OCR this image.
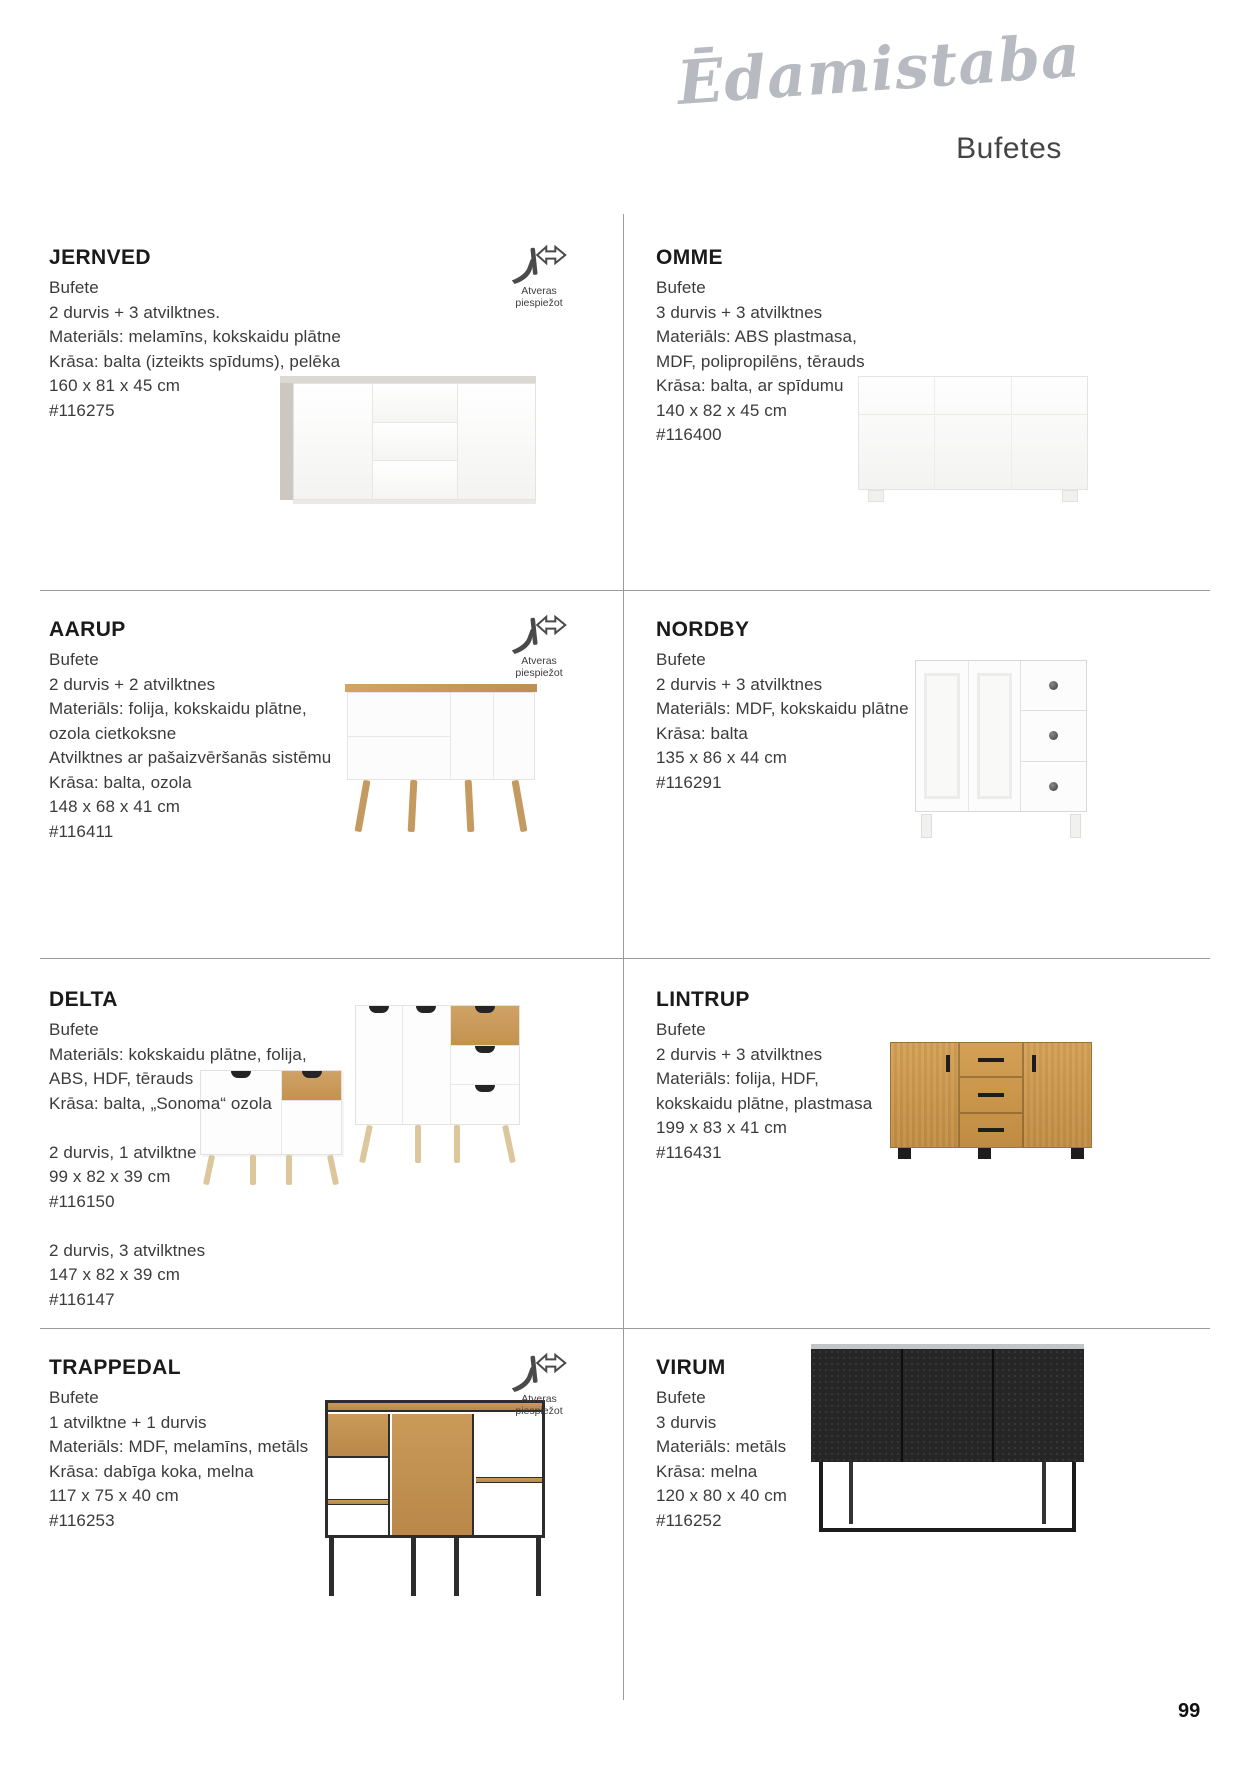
Ēdamistaba
Bufetes
JERNVED

Bufete

2 durvis + 3 atvilktnes.

Materiāls: melamīns, kokskaidu plātne

Krāsa: balta (izteikts spīdums), pelēka

160 x 81 x 45 cm

#116275

OMME

Bufete

3 durvis + 3 atvilktnes

Materiāls: ABS plastmasa,

MDF, polipropilēns, tērauds

Krāsa: balta, ar spīdumu

140 x 82 x 45 cm

#116400

AARUP

Bufete

2 durvis + 2 atvilktnes

Materiāls: folija, kokskaidu plātne,

ozola cietkoksne

Atvilktnes ar pašaizvēršanās sistēmu

Krāsa: balta, ozola

148 x 68 x 41 cm

#116411

NORDBY

Bufete

2 durvis + 3 atvilktnes

Materiāls: MDF, kokskaidu plātne

Krāsa: balta

135 x 86 x 44 cm

#116291

DELTA

Bufete

Materiāls: kokskaidu plātne, folija,

ABS, HDF, tērauds

Krāsa: balta, „Sonoma“ ozola

2 durvis, 1 atvilktne

99 x 82 x 39 cm

#116150

2 durvis, 3 atvilktnes

147 x 82 x 39 cm

#116147

LINTRUP

Bufete

2 durvis + 3 atvilktnes

Materiāls: folija, HDF,

kokskaidu plātne, plastmasa

199 x 83 x 41 cm

#116431

TRAPPEDAL

Bufete

1 atvilktne + 1 durvis

Materiāls: MDF, melamīns, metāls

Krāsa: dabīga koka, melna

117 x 75 x 40 cm

#116253

VIRUM

Bufete

3 durvis

Materiāls: metāls

Krāsa: melna

120 x 80 x 40 cm

#116252

Atveras
piespiežot
Atveras
piespiežot
Atveras
piespiežot
99
